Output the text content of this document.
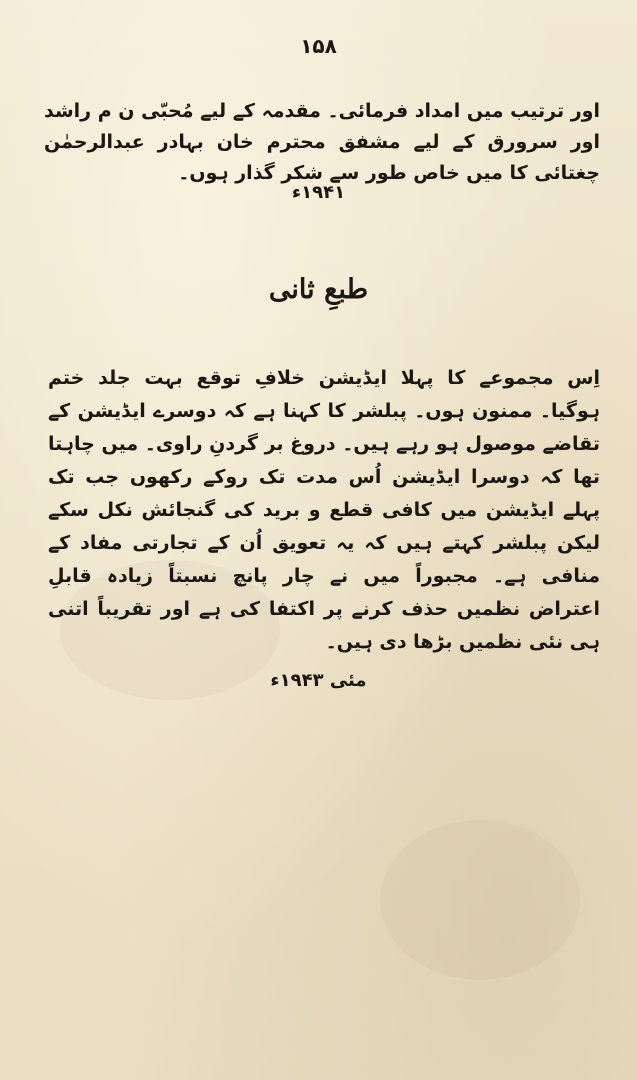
۱۵۸
اور ترتیب میں امداد فرمائی۔ مقدمہ کے لیے مُحبّی ن م راشد اور سرورق کے لیے مشفق محترم خان بہادر عبدالرحمٰن چغتائی کا میں خاص طور سے شکر گذار ہوں۔
۱۹۴۱ء
طبعِ ثانی
اِس مجموعے کا پہلا ایڈیشن خلافِ توقع بہت جلد ختم ہوگیا۔ ممنون ہوں۔ پبلشر کا کہنا ہے کہ دوسرے ایڈیشن کے تقاضے موصول ہو رہے ہیں۔ دروغ بر گردنِ راوی۔ میں چاہتا تھا کہ دوسرا ایڈیشن اُس مدت تک روکے رکھوں جب تک پہلے ایڈیشن میں کافی قطع و برید کی گنجائش نکل سکے لیکن پبلشر کہتے ہیں کہ یہ تعویق اُن کے تجارتی مفاد کے منافی ہے۔ مجبوراً میں نے چار پانچ نسبتاً زیادہ قابلِ اعتراض نظمیں حذف کرنے پر اکتفا کی ہے اور تقریباً اتنی ہی نئی نظمیں بڑھا دی ہیں۔
مئی ۱۹۴۳ء
